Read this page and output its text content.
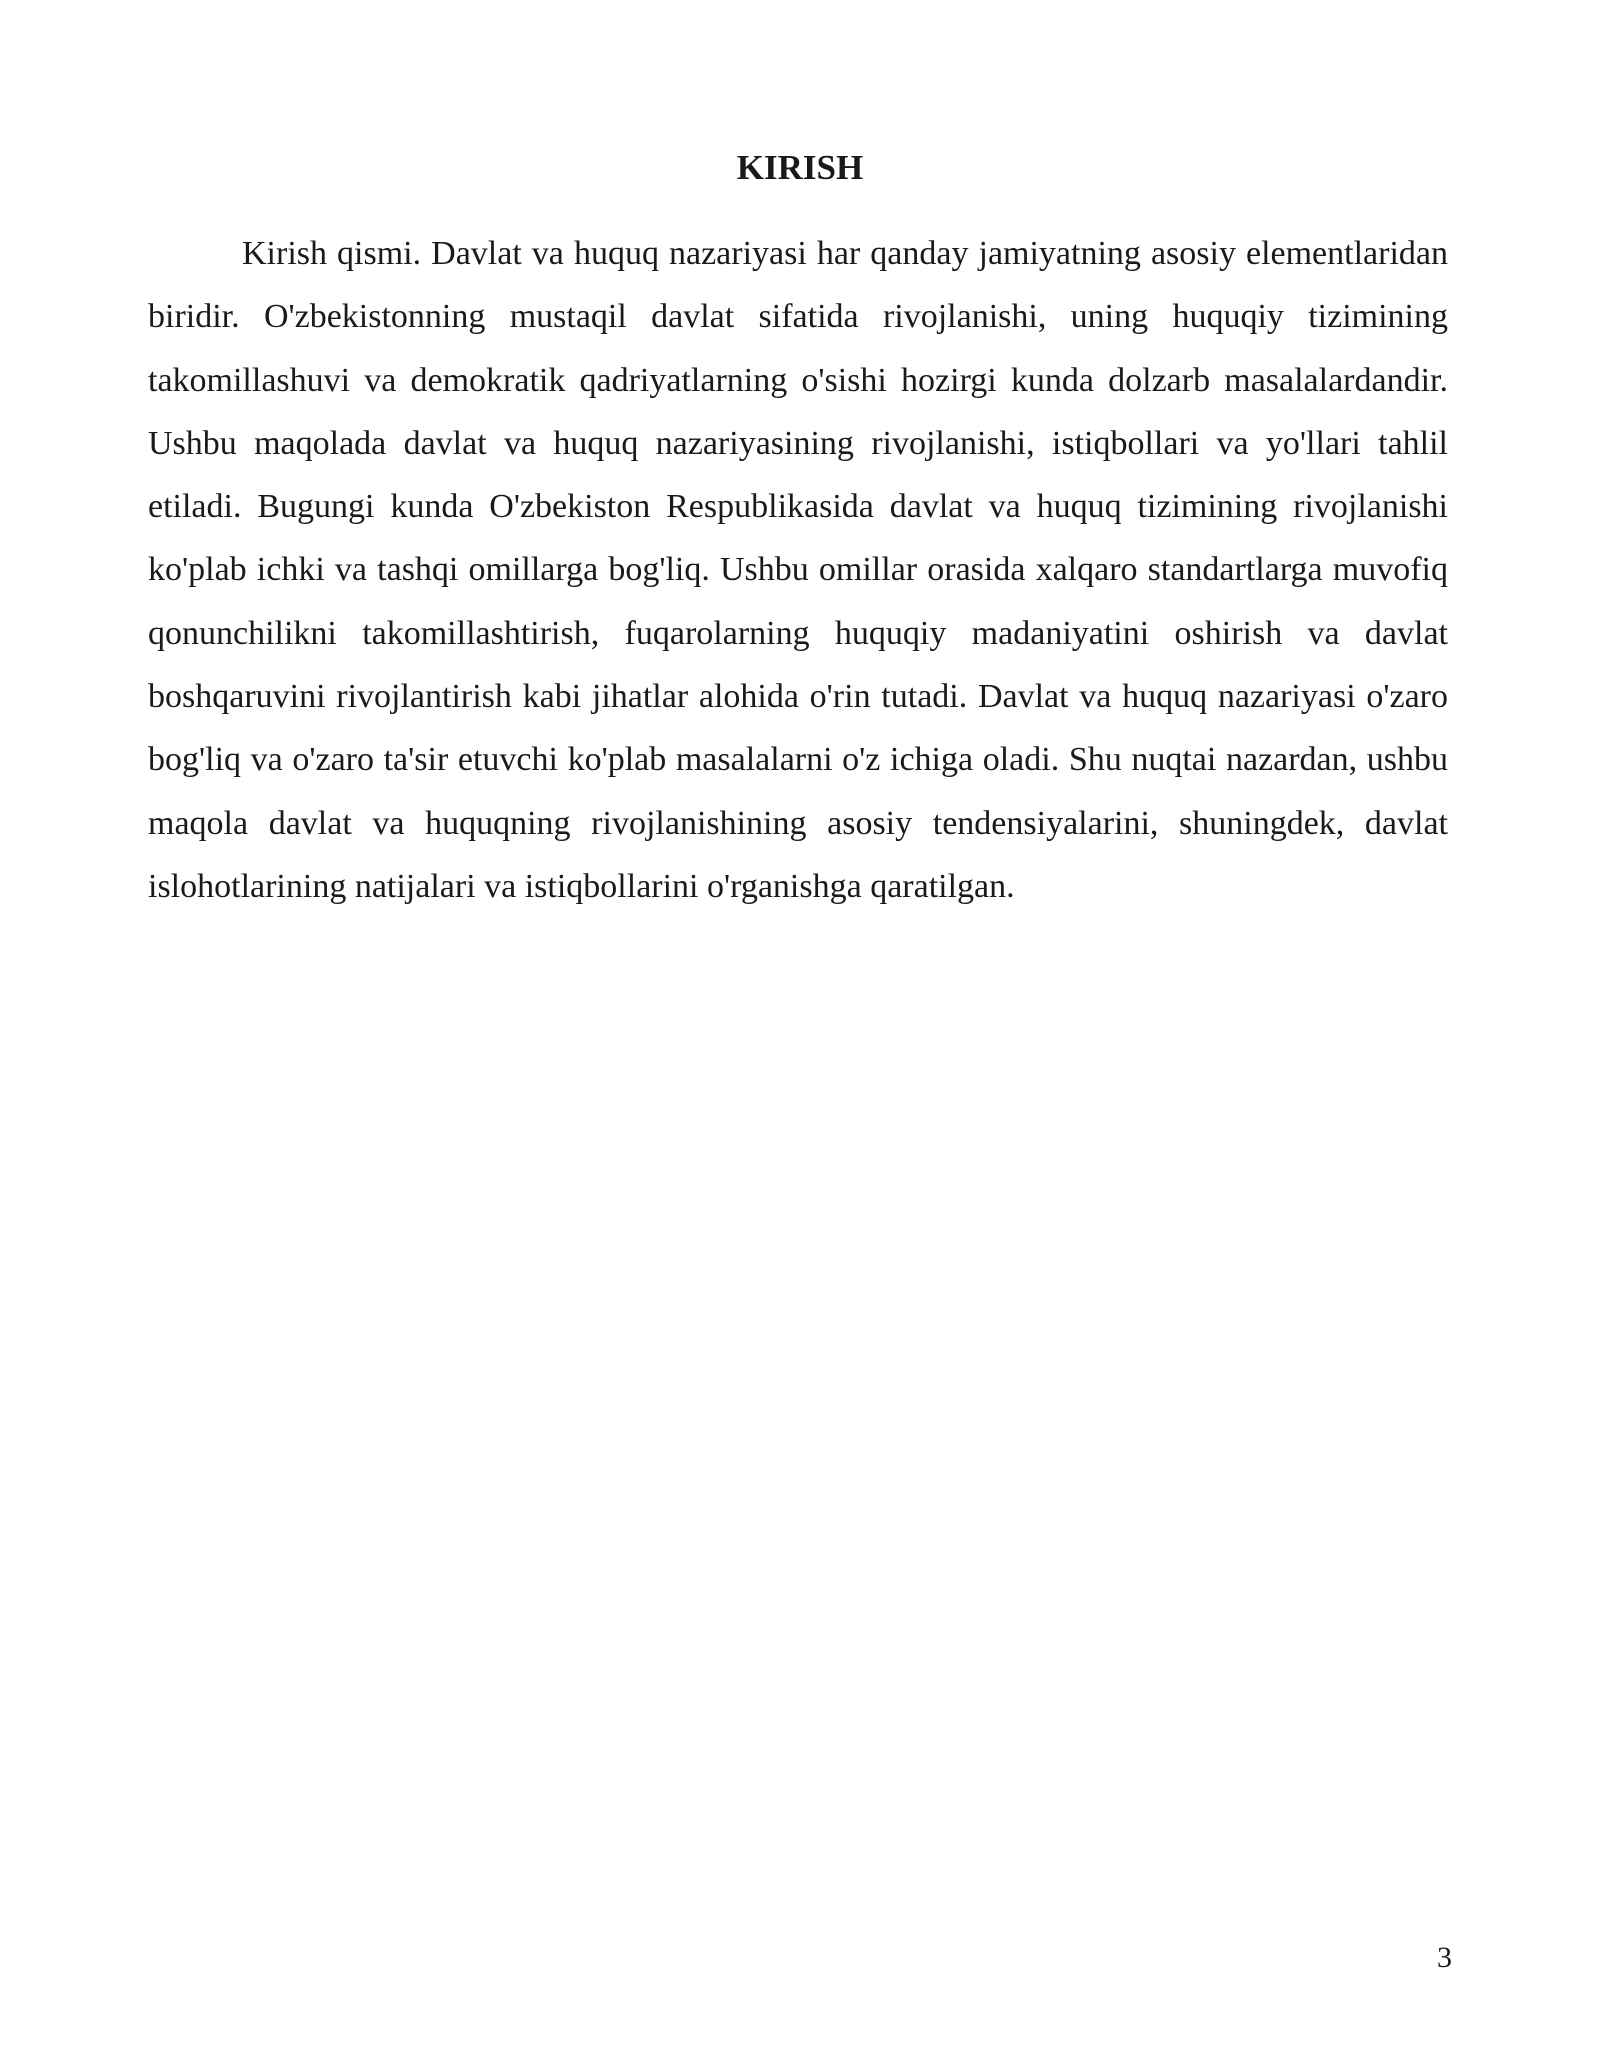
KIRISH

Kirish qismi. Davlat va huquq nazariyasi har qanday jamiyatning asosiy elementlaridan biridir. O'zbekistonning mustaqil davlat sifatida rivojlanishi, uning huquqiy tizimining takomillashuvi va demokratik qadriyatlarning o'sishi hozirgi kunda dolzarb masalalardandir. Ushbu maqolada davlat va huquq nazariyasining rivojlanishi, istiqbollari va yo'llari tahlil etiladi. Bugungi kunda O'zbekiston Respublikasida davlat va huquq tizimining rivojlanishi ko'plab ichki va tashqi omillarga bog'liq. Ushbu omillar orasida xalqaro standartlarga muvofiq qonunchilikni takomillashtirish, fuqarolarning huquqiy madaniyatini oshirish va davlat boshqaruvini rivojlantirish kabi jihatlar alohida o'rin tutadi. Davlat va huquq nazariyasi o'zaro bog'liq va o'zaro ta'sir etuvchi ko'plab masalalarni o'z ichiga oladi. Shu nuqtai nazardan, ushbu maqola davlat va huquqning rivojlanishining asosiy tendensiyalarini, shuningdek, davlat islohotlarining natijalari va istiqbollarini o'rganishga qaratilgan.

3
